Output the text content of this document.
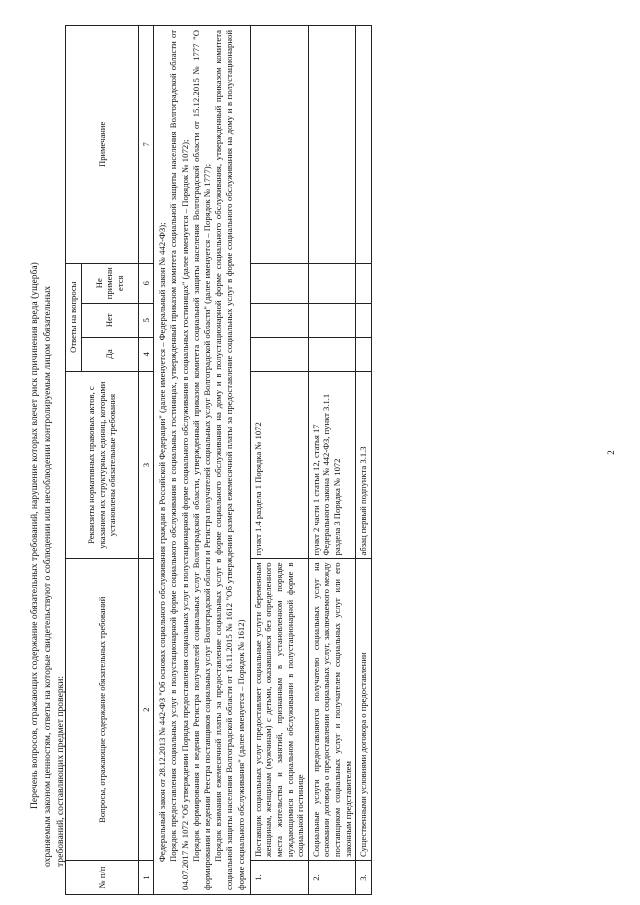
2
Перечень вопросов, отражающих содержание обязательных требований, нарушение которых влечет риск причинения вреда (ущерба) охраняемым законом ценностям, ответы на которые свидетельствуют о соблюдении или несоблюдении контролируемым лицом обязательных требований, составляющих предмет проверки:
№ п/п	Вопросы, отражающие содержание обязательных требований	Реквизиты нормативных правовых актов, с указанием их структурных единиц, которыми установлены обязательные требования	Ответы на вопросы			Примечание
			Да	Нет	Не примени ется	
1	2	3	4	5	6	7

Федеральный закон от 28.12.2013 № 442-ФЗ "Об основах социального обслуживания граждан в Российской Федерации" (далее именуется – Федеральный закон № 442-ФЗ); Порядок предоставления социальных услуг в полустационарной форме социального обслуживания в социальных гостиницах, утвержденный приказом комитета социальной защиты населения Волгоградской области от 04.07.2017 № 1072 "Об утверждении Порядка предоставления социальных услуг в полустационарной форме социального обслуживания в социальных гостиницах" (далее именуется – Порядок № 1072); Порядок формирования и ведения Регистра получателей социальных услуг Волгоградской области, утвержденный приказом комитета социальной защиты населения Волгоградской области от 15.12.2015 № 1777 "О формировании и ведении Реестра поставщиков социальных услуг Волгоградской области и Регистра получателей социальных услуг Волгоградской области" (далее именуется – Порядок № 1777); Порядок взимания ежемесячной платы за предоставление социальных услуг в форме социального обслуживания на дому и в полустационарной форме социального обслуживания, утвержденный приказом комитета социальной защиты населения Волгоградской области от 16.11.2015 № 1612 "Об утверждении размера ежемесячной платы за предоставление социальных услуг в форме социального обслуживания на дому и в полустационарной форме социального обслуживания" (далее именуется – Порядок № 1612)						

1.	Поставщик социальных услуг предоставляет социальные услуги беременным женщинам, женщинам (мужчинам) с детьми, оказавшимся без определенного места жительства и занятий, признанным в установленном порядке нуждающимися в социальном обслуживании в полустационарной форме в социальной гостинице	пункт 1.4 раздела 1 Порядка № 1072				
2.	Социальные услуги предоставляются получателю социальных услуг на основании договора о предоставлении социальных услуг, заключаемого между поставщиком социальных услуг и получателем социальных услуг или его законным представителем	пункт 2 части 1 статьи 12, статья 17 Федерального закона № 442-ФЗ, пункт 3.1.1 раздела 3 Порядка № 1072				
3.	Существенными условиями договора о предоставлении	абзац первый подпункта 3.1.3				
